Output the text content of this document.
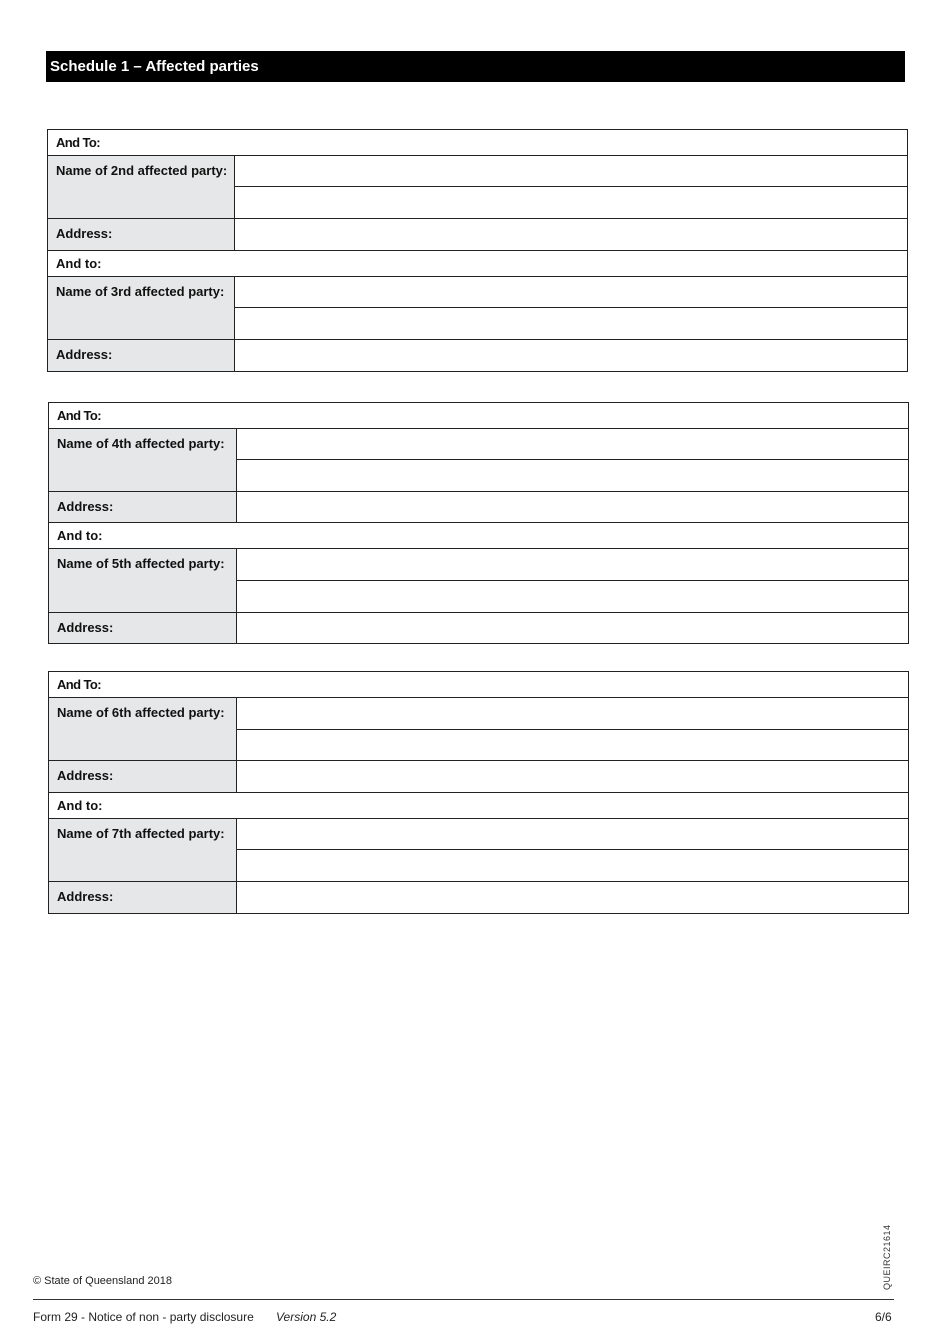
Schedule 1 – Affected parties
And To:	
Name of 2nd affected party:	

Address:	
And to:	
Name of 3rd affected party:	

Address:	
And To:	
Name of 4th affected party:	

Address:	
And to:	
Name of 5th affected party:	

Address:	
And To:	
Name of 6th affected party:	

Address:	
And to:	
Name of 7th affected party:	

Address:	
QUEIRC21614
© State of Queensland 2018
Form 29 - Notice of non - party disclosure Version 5.2	6/6
